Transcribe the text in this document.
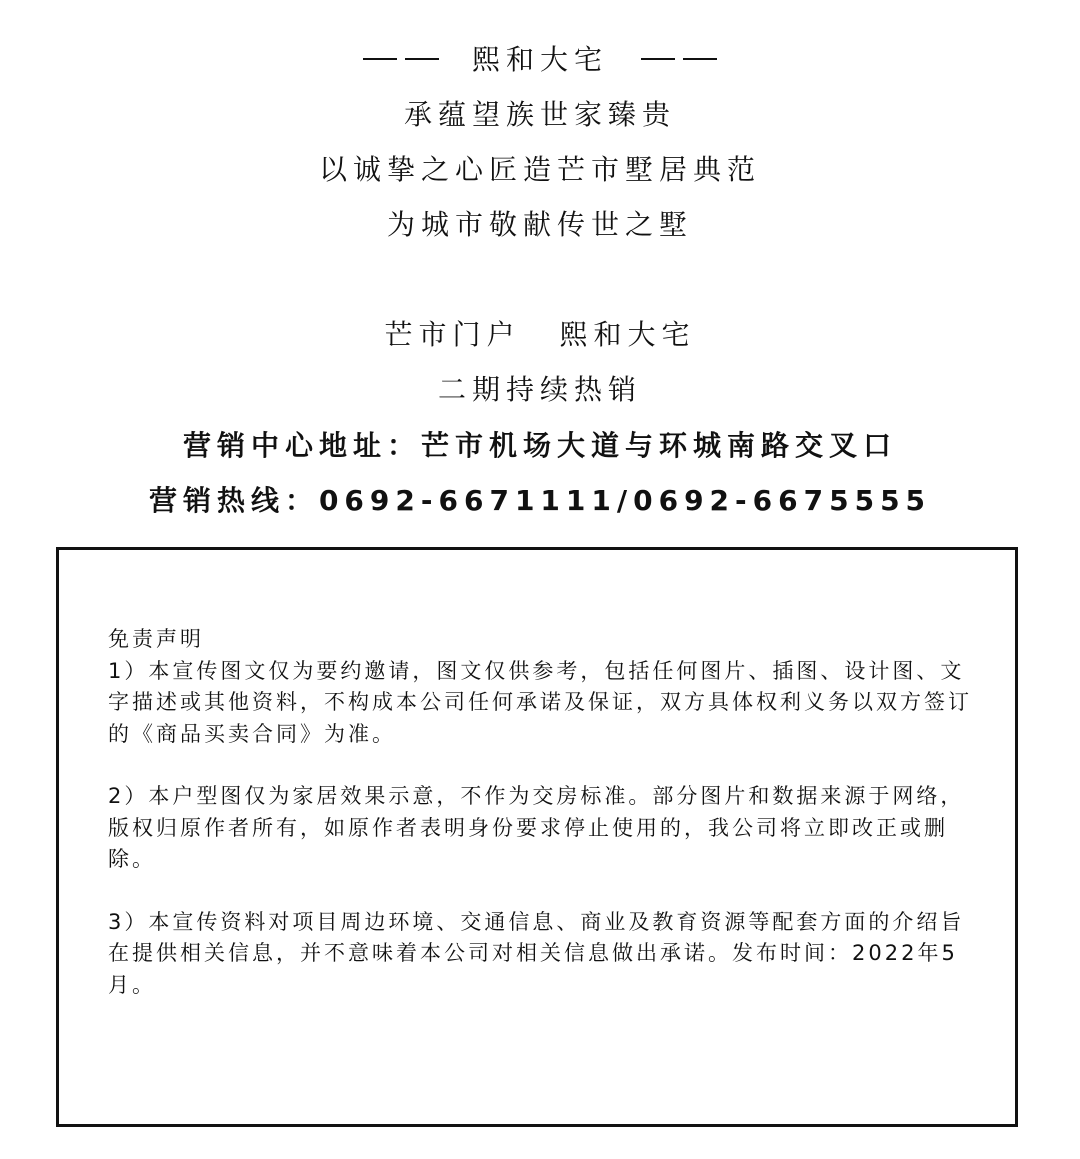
熙和大宅
承蕴望族世家臻贵
以诚挚之心匠造芒市墅居典范
为城市敬献传世之墅
芒市门户 熙和大宅
二期持续热销
营销中心地址：芒市机场大道与环城南路交叉口
营销热线：0692-6671111/0692-6675555

免责声明

1）本宣传图文仅为要约邀请，图文仅供参考，包括任何图片、插图、设计图、文字描述或其他资料，不构成本公司任何承诺及保证，双方具体权利义务以双方签订的《商品买卖合同》为准。

2）本户型图仅为家居效果示意，不作为交房标准。部分图片和数据来源于网络，版权归原作者所有，如原作者表明身份要求停止使用的，我公司将立即改正或删除。

3）本宣传资料对项目周边环境、交通信息、商业及教育资源等配套方面的介绍旨在提供相关信息，并不意味着本公司对相关信息做出承诺。发布时间：2022年5月。
